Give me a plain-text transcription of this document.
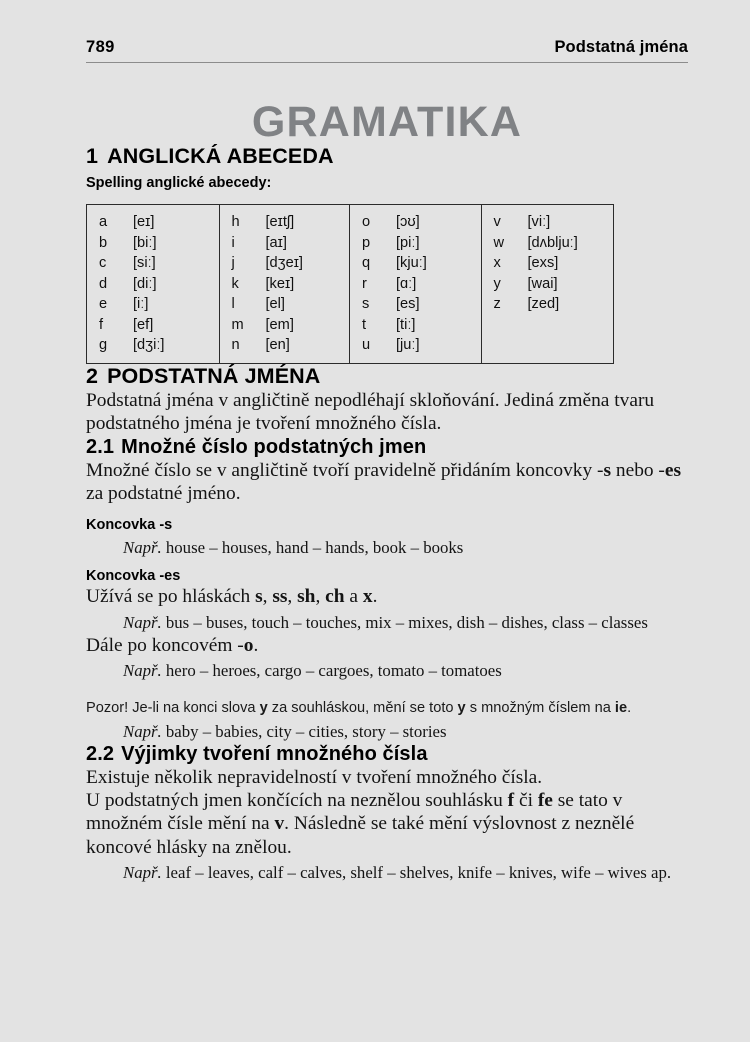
789	Podstatná jména
GRAMATIKA
1 ANGLICKÁ ABECEDA
Spelling anglické abecedy:
a	[eɪ]
b	[biː]
c	[siː]
d	[diː]
e	[iː]
f	[ef]
g	[dʒiː]
h	[eɪtʃ]
i	[aɪ]
j	[dʒeɪ]
k	[keɪ]
l	[el]
m	[em]
n	[en]
o	[ɔʊ]
p	[piː]
q	[kjuː]
r	[ɑː]
s	[es]
t	[tiː]
u	[juː]
v	[viː]
w	[dʌbljuː]
x	[exs]
y	[wai]
z	[zed]
2 PODSTATNÁ JMÉNA

Podstatná jména v angličtině nepodléhají skloňování. Jediná změna tvaru podstatného jména je tvoření množného čísla.

2.1 Množné číslo podstatných jmen

Množné číslo se v angličtině tvoří pravidelně přidáním koncovky -s nebo -es za podstatné jméno.

Koncovka -s

Např. house – houses, hand – hands, book – books

Koncovka -es

Užívá se po hláskách s, ss, sh, ch a x.

Např. bus – buses, touch – touches, mix – mixes, dish – dishes, class – classes

Dále po koncovém -o.

Např. hero – heroes, cargo – cargoes, tomato – tomatoes

Pozor! Je-li na konci slova y za souhláskou, mění se toto y s množným číslem na ie.

Např. baby – babies, city – cities, story – stories

2.2 Výjimky tvoření množného čísla

Existuje několik nepravidelností v tvoření množného čísla.

U podstatných jmen končících na neznělou souhlásku f či fe se tato v množném čísle mění na v. Následně se také mění výslovnost z neznělé koncové hlásky na znělou.

Např. leaf – leaves, calf – calves, shelf – shelves, knife – knives, wife – wives ap.
